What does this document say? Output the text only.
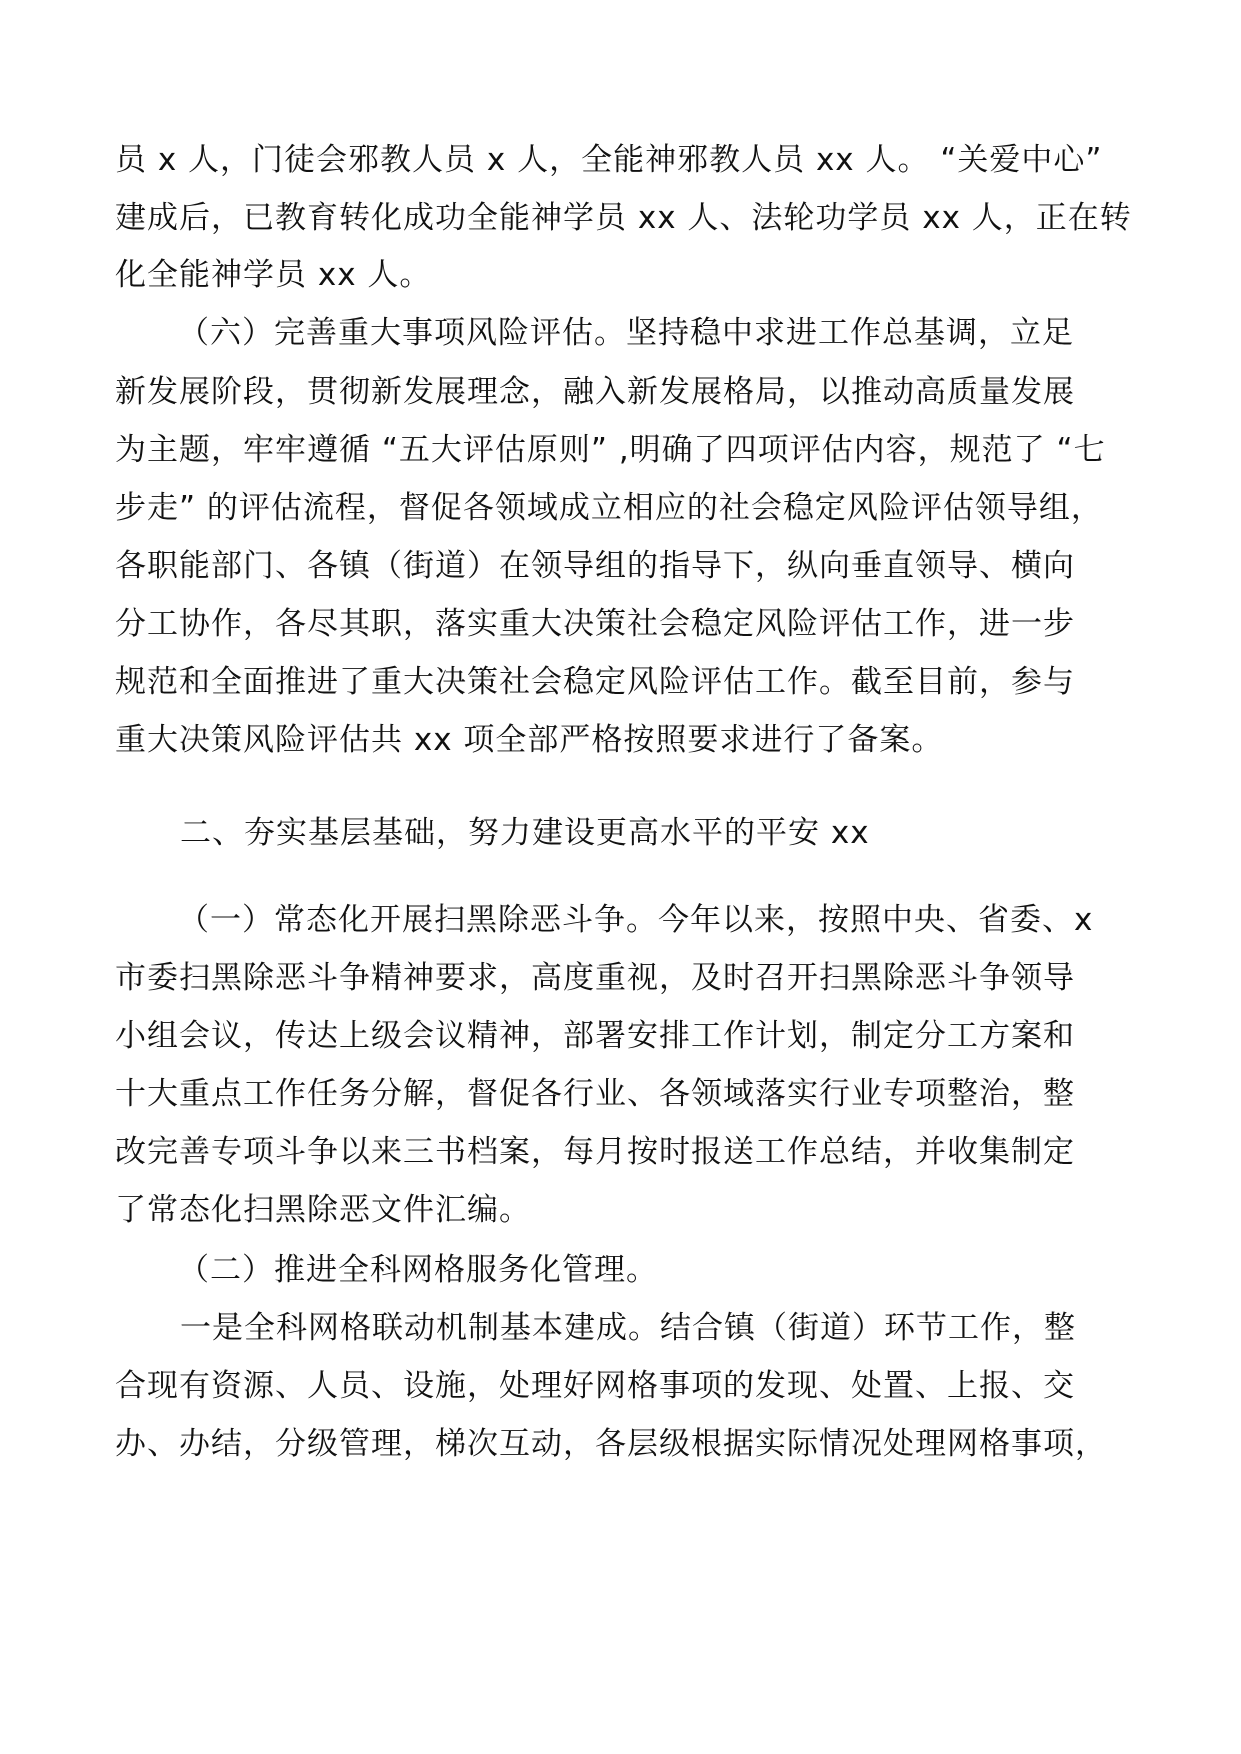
员 x 人，门徒会邪教人员 x 人，全能神邪教人员 xx 人。 “关爱中心”
建成后，已教育转化成功全能神学员 xx 人、法轮功学员 xx 人，正在转
化全能神学员 xx 人。
（六）完善重大事项风险评估。坚持稳中求进工作总基调，立足
新发展阶段，贯彻新发展理念，融入新发展格局，以推动高质量发展
为主题，牢牢遵循 “五大评估原则” ,明确了四项评估内容，规范了 “七
步走” 的评估流程，督促各领域成立相应的社会稳定风险评估领导组，
各职能部门、各镇（街道）在领导组的指导下，纵向垂直领导、横向
分工协作，各尽其职，落实重大决策社会稳定风险评估工作，进一步
规范和全面推进了重大决策社会稳定风险评估工作。截至目前，参与
重大决策风险评估共 xx 项全部严格按照要求进行了备案。
二、夯实基层基础，努力建设更高水平的平安 xx
（一）常态化开展扫黑除恶斗争。今年以来，按照中央、省委、x
市委扫黑除恶斗争精神要求，高度重视，及时召开扫黑除恶斗争领导
小组会议，传达上级会议精神，部署安排工作计划，制定分工方案和
十大重点工作任务分解，督促各行业、各领域落实行业专项整治，整
改完善专项斗争以来三书档案，每月按时报送工作总结，并收集制定
了常态化扫黑除恶文件汇编。
（二）推进全科网格服务化管理。
一是全科网格联动机制基本建成。结合镇（街道）环节工作，整
合现有资源、人员、设施，处理好网格事项的发现、处置、上报、交
办、办结，分级管理，梯次互动，各层级根据实际情况处理网格事项，
